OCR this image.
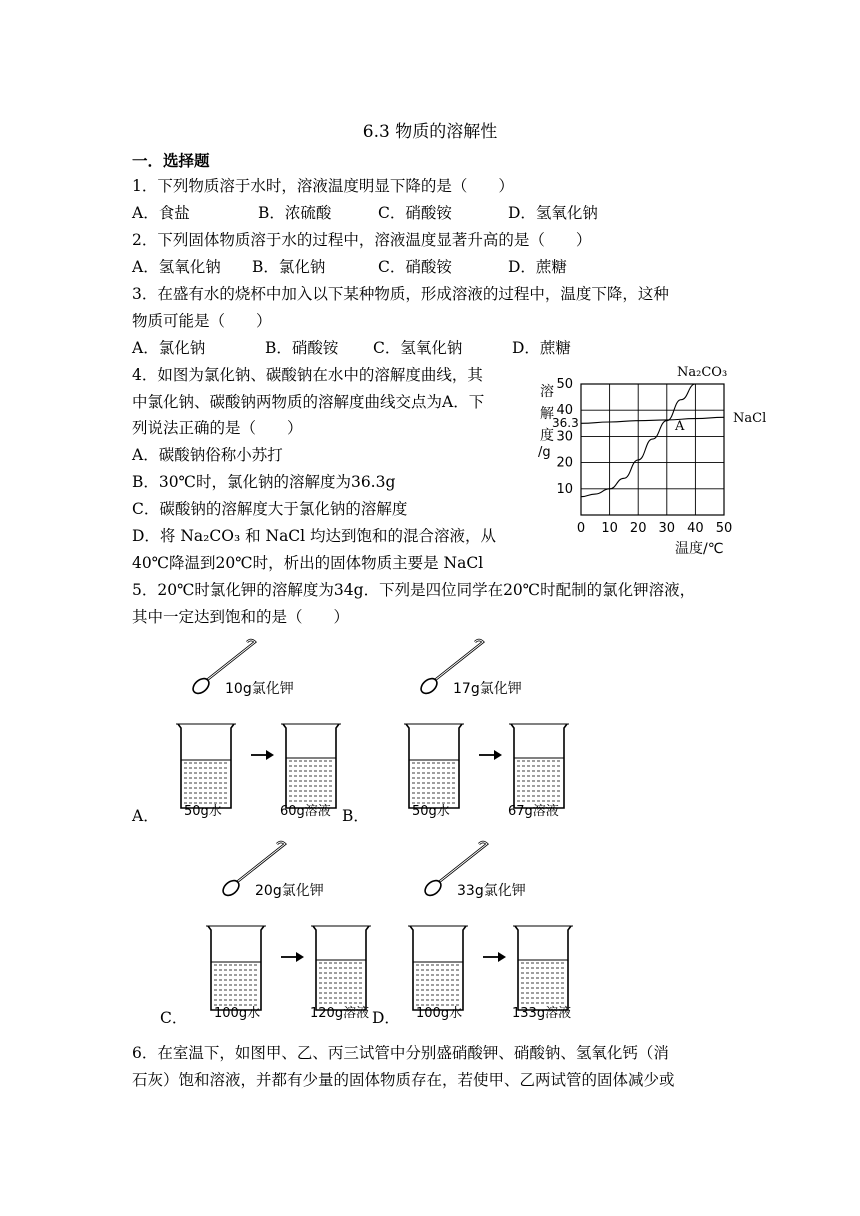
6.3 物质的溶解性
一．选择题
1．下列物质溶于水时，溶液温度明显下降的是（　　）
A．食盐	B．浓硫酸	C．硝酸铵	D．氢氧化钠
2．下列固体物质溶于水的过程中，溶液温度显著升高的是（　　）
A．氢氧化钠 B．氯化钠	C．硝酸铵	D．蔗糖
3．在盛有水的烧杯中加入以下某种物质，形成溶液的过程中，温度下降，这种
物质可能是（　　）
A．氯化钠	B．硝酸铵 C．氢氧化钠	D．蔗糖
4．如图为氯化钠、碳酸钠在水中的溶解度曲线，其
中氯化钠、碳酸钠两物质的溶解度曲线交点为A．下
列说法正确的是（　　）
A．碳酸钠俗称小苏打
B．30℃时，氯化钠的溶解度为36.3g
C．碳酸钠的溶解度大于氯化钠的溶解度
D．将 Na₂CO₃ 和 NaCl 均达到饱和的混合溶液，从
40℃降温到20℃时，析出的固体物质主要是 NaCl
0 10 20 30 40 50
10
20
30
40
50
溶
解
度
/g
温度/℃
Na₂CO₃
NaCl
A
36.3
5．20℃时氯化钾的溶解度为34g．下列是四位同学在20℃时配制的氯化钾溶液，
其中一定达到饱和的是（　　）
10g氯化钾
50g水	60g溶液
A．
17g氯化钾
50g水	67g溶液
B．
20g氯化钾
100g水	120g溶液
C．
33g氯化钾
100g水	133g溶液
D．
6．在室温下，如图甲、乙、丙三试管中分别盛硝酸钾、硝酸钠、氢氧化钙（消
石灰）饱和溶液，并都有少量的固体物质存在，若使甲、乙两试管的固体减少或
